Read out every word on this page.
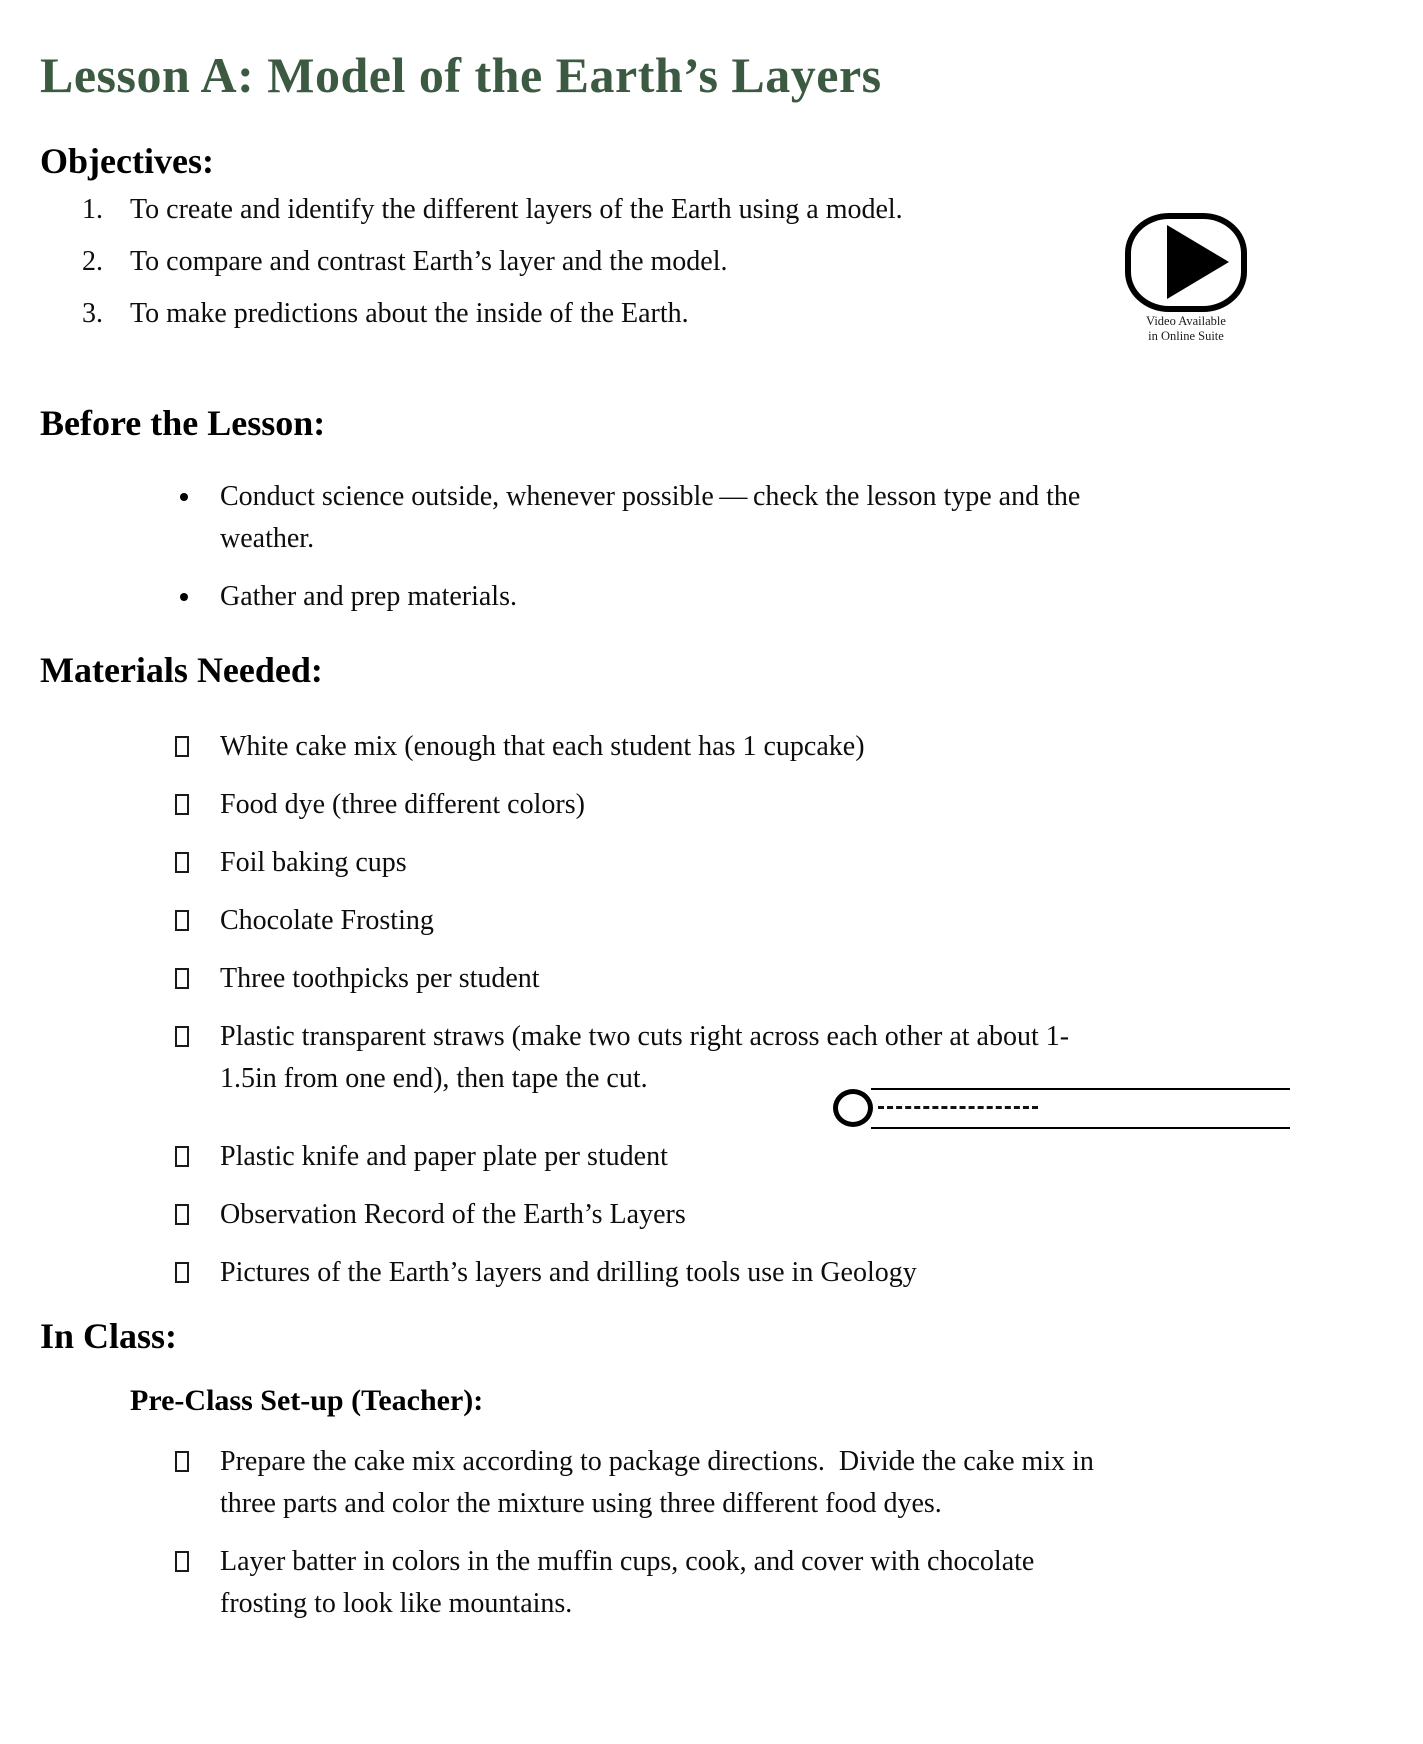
Lesson A: Model of the Earth’s Layers
Video Available
in Online Suite
Objectives:
1. To create and identify the different layers of the Earth using a model.
2. To compare and contrast Earth’s layer and the model.
3. To make predictions about the inside of the Earth.
Before the Lesson:
Conduct science outside, whenever possible — check the lesson type and the
weather.
Gather and prep materials.
Materials Needed:
White cake mix (enough that each student has 1 cupcake)
Food dye (three different colors)
Foil baking cups
Chocolate Frosting
Three toothpicks per student
Plastic transparent straws (make two cuts right across each other at about 1-
1.5in from one end), then tape the cut.
Plastic knife and paper plate per student
Observation Record of the Earth’s Layers
Pictures of the Earth’s layers and drilling tools use in Geology
In Class:
Pre-Class Set-up (Teacher):
Prepare the cake mix according to package directions.  Divide the cake mix in
three parts and color the mixture using three different food dyes.
Layer batter in colors in the muffin cups, cook, and cover with chocolate
frosting to look like mountains.
